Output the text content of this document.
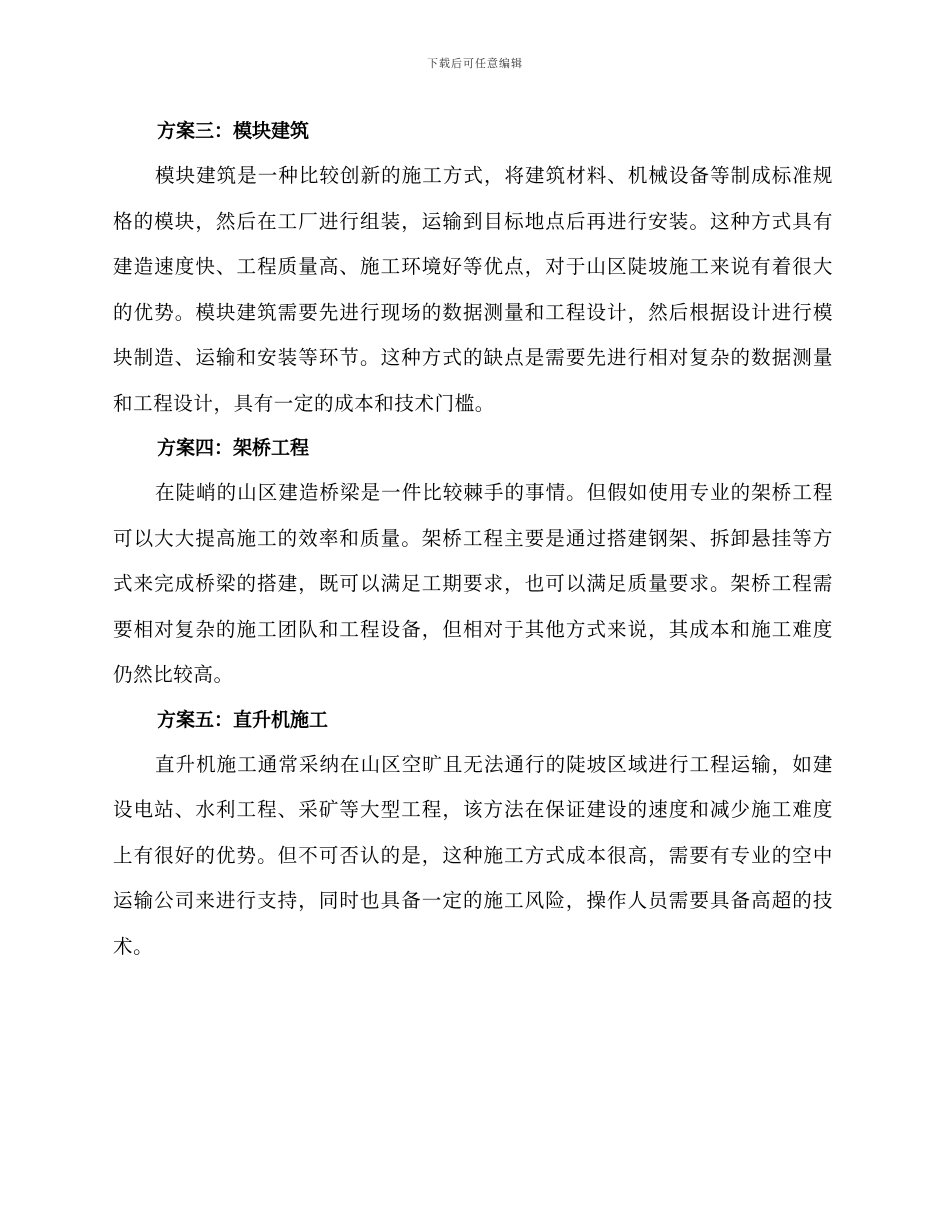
下载后可任意编辑
方案三：模块建筑

模块建筑是一种比较创新的施工方式，将建筑材料、机械设备等制成标准规格的模块，然后在工厂进行组装，运输到目标地点后再进行安装。这种方式具有建造速度快、工程质量高、施工环境好等优点，对于山区陡坡施工来说有着很大的优势。模块建筑需要先进行现场的数据测量和工程设计，然后根据设计进行模块制造、运输和安装等环节。这种方式的缺点是需要先进行相对复杂的数据测量和工程设计，具有一定的成本和技术门槛。

方案四：架桥工程

在陡峭的山区建造桥梁是一件比较棘手的事情。但假如使用专业的架桥工程可以大大提高施工的效率和质量。架桥工程主要是通过搭建钢架、拆卸悬挂等方式来完成桥梁的搭建，既可以满足工期要求，也可以满足质量要求。架桥工程需要相对复杂的施工团队和工程设备，但相对于其他方式来说，其成本和施工难度仍然比较高。

方案五：直升机施工

直升机施工通常采纳在山区空旷且无法通行的陡坡区域进行工程运输，如建设电站、水利工程、采矿等大型工程，该方法在保证建设的速度和减少施工难度上有很好的优势。但不可否认的是，这种施工方式成本很高，需要有专业的空中运输公司来进行支持，同时也具备一定的施工风险，操作人员需要具备高超的技术。
